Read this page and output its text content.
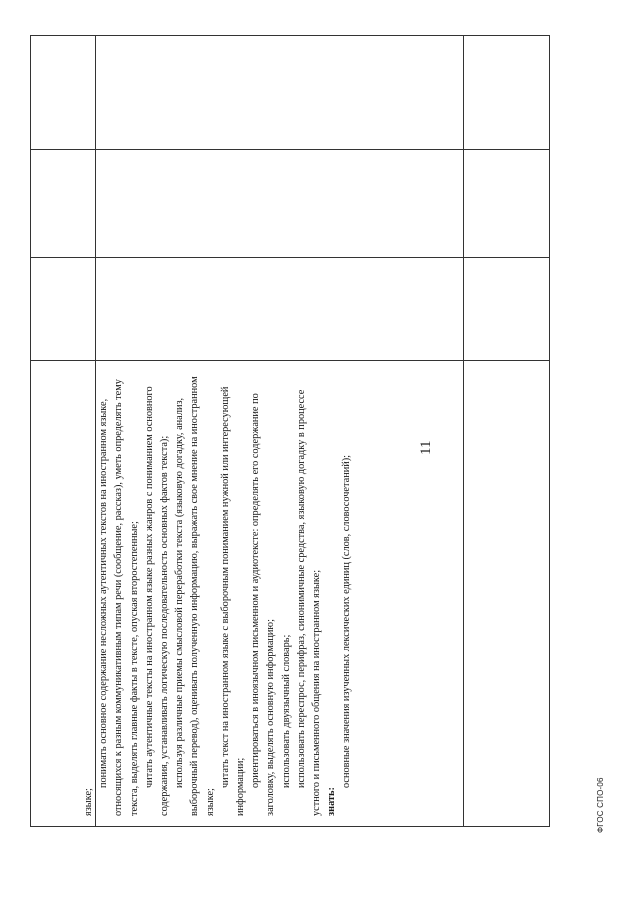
11

языке;

понимать основное содержание несложных аутентичных текстов на иностранном языке, относящихся к разным коммуникативным типам речи (сообщение, рассказ), уметь определять тему текста, выделять главные факты в тексте, опуская второстепенные; читать аутентичные тексты на иностранном языке разных жанров с пониманием основного содержания, устанавливать логическую последовательность основных фактов текста); используя различные приемы смысловой переработки текста (языковую догадку, анализ, выборочный перевод), оценивать полученную информацию, выражать свое мнение на иностранном языке;

читать текст на иностранном языке с выборочным пониманием нужной или интересующей информации; ориентироваться в иноязычном письменном и аудиотексте: определять его содержание по заголовку, выделять основную информацию; использовать двуязычный словарь; использовать переспрос, перифраз, синонимичные средства, языковую догадку в процессе устного и письменного общения на иностранном языке; знать:

основные значения изученных лексических единиц (слов, словосочетаний);

ФГОС СПО-06
